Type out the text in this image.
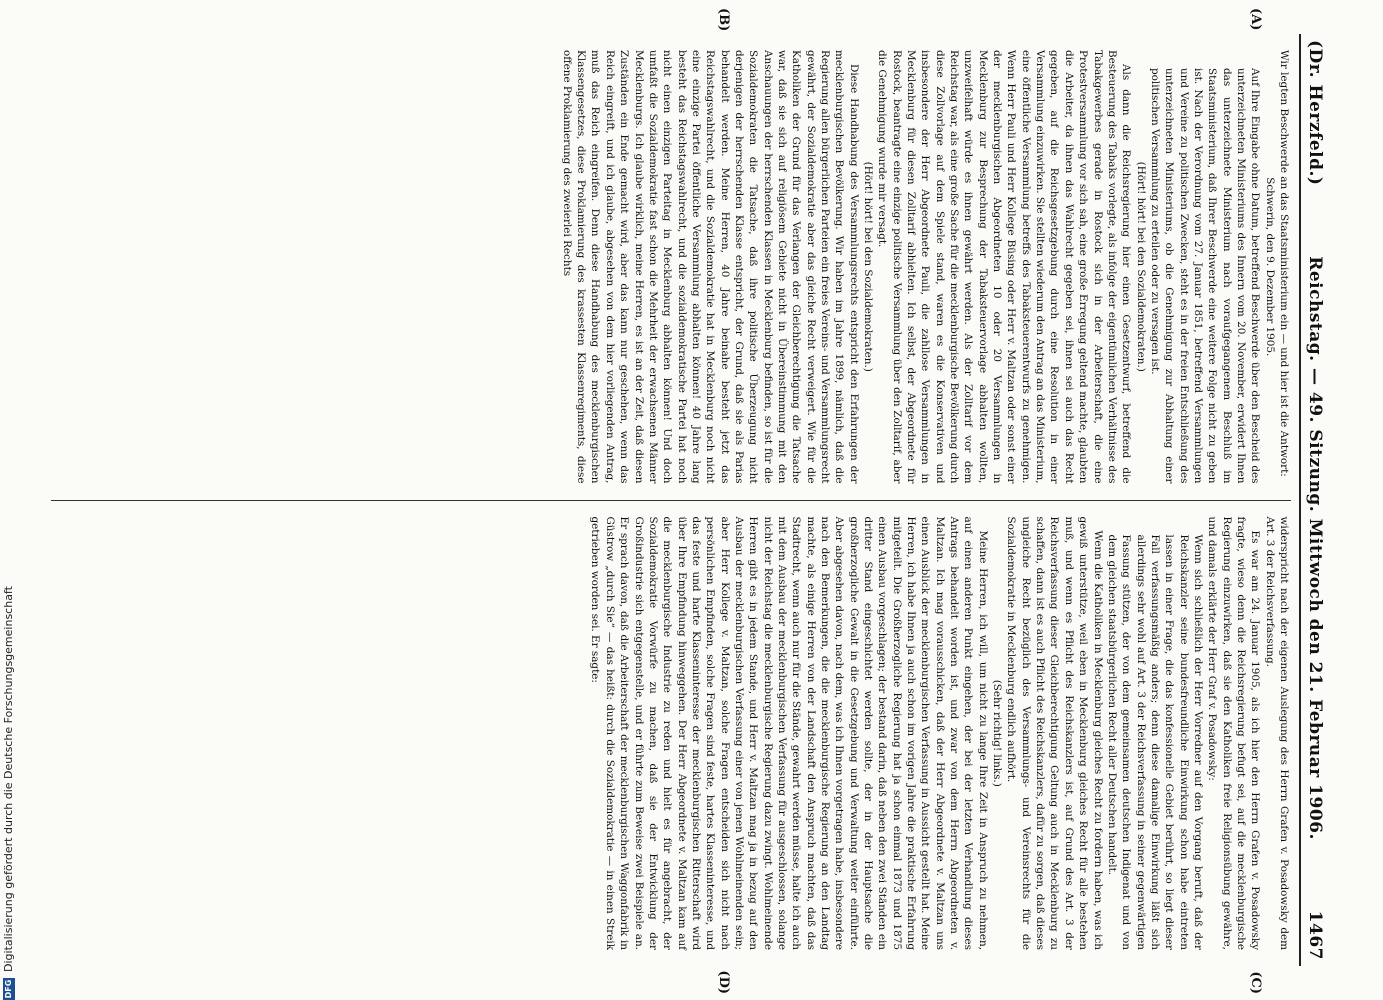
(Dr. Herzfeld.)
Reichstag. — 49. Sitzung. Mittwoch den 21. Februar 1906.
1467
(A)
(B)

Wir legten Beschwerde an das Staatsministerium ein — und hier ist die Antwort:

Schwerin, den 9. Dezember 1905.

Auf Ihre Eingabe ohne Datum, betreffend Beschwerde über den Bescheid des unterzeichneten Ministeriums des Innern vom 20. November, erwidert Ihnen das unterzeichnete Ministerium nach voraufgegangenem Beschluß im Staatsministerium, daß Ihrer Beschwerde eine weitere Folge nicht zu geben ist. Nach der Verordnung vom 27. Januar 1851, betreffend Versammlungen und Vereine zu politischen Zwecken, steht es in der freien Entschließung des unterzeichneten Ministeriums, ob die Genehmigung zur Abhaltung einer politischen Versammlung zu erteilen oder zu versagen ist.

(Hört! hört! bei den Sozialdemokraten.)

Als dann die Reichsregierung hier einen Gesetzentwurf, betreffend die Besteuerung des Tabaks vorlegte, als infolge der eigentümlichen Verhältnisse des Tabakgewerbes gerade in Rostock sich in der Arbeiterschaft, die eine Protestversammlung vor sich sah, eine große Erregung geltend machte, glaubten die Arbeiter, da ihnen das Wahlrecht gegeben sei, ihnen sei auch das Recht gegeben, auf die Reichsgesetzgebung durch eine Resolution in einer Versammlung einzuwirken. Sie stellten wiederum den Antrag an das Ministerium, eine öffentliche Versammlung betreffs des Tabaksteuerentwurfs zu genehmigen. Wenn Herr Pauli und Herr Kollege Büsing oder Herr v. Maltzan oder sonst einer der mecklenburgischen Abgeordneten 10 oder 20 Versammlungen in Mecklenburg zur Besprechung der Tabaksteuervorlage abhalten wollten, unzweifelhaft würde es ihnen gewährt werden. Als der Zolltarif vor dem Reichstag war, als eine große Sache für die mecklenburgische Bevölkerung durch diese Zollvorlage auf dem Spiele stand, waren es die Konservativen und insbesondere der Herr Abgeordnete Pauli, die zahllose Versammlungen in Mecklenburg für diesen Zolltarif abhielten. Ich selbst, der Abgeordnete für Rostock, beantragte eine einzige politische Versammlung über den Zolltarif, aber die Genehmigung wurde mir versagt.

(Hört! hört! bei den Sozialdemokraten.)

Diese Handhabung des Versammlungsrechts entspricht den Erfahrungen der mecklenburgischen Bevölkerung. Wir haben im Jahre 1899, nämlich, daß die Regierung allen bürgerlichen Parteien ein freies Vereins- und Versammlungsrecht gewährt, der Sozialdemokratie aber das gleiche Recht verweigert. Wie für die Katholiken der Grund für das Verlangen der Gleichberechtigung die Tatsache war, daß sie sich auf religiösem Gebiete nicht in Übereinstimmung mit den Anschauungen der herrschenden Klassen in Mecklenburg befinden, so ist für die Sozialdemokraten die Tatsache, daß ihre politische Überzeugung nicht derjenigen der herrschenden Klasse entspricht, der Grund, daß sie als Parias behandelt werden. Meine Herren, 40 Jahre beinahe besteht jetzt das Reichstagswahlrecht, und die Sozialdemokratie hat in Mecklenburg noch nicht eine einzige Partei öffentliche Versammlung abhalten können! 40 Jahre lang besteht das Reichstagswahlrecht, und die sozialdemokratische Partei hat noch nicht einen einzigen Parteitag in Mecklenburg abhalten können! Und doch umfaßt die Sozialdemokratie fast schon die Mehrheit der erwachsenen Männer Mecklenburgs. Ich glaube wirklich, meine Herren, es ist an der Zeit, daß diesen Zuständen ein Ende gemacht wird, aber das kann nur geschehen, wenn das Reich eingreift, und ich glaube, abgesehen von dem hier vorliegenden Antrag, muß das Reich eingreifen. Denn diese Handhabung des mecklenburgischen Klassengesetzes, diese Proklamierung des krassesten Klassenregiments, diese offene Proklamierung des zweierlei Rechts

widerspricht nach der eigenen Auslegung des Herrn Grafen v. Posadowsky dem Art. 3 der Reichsverfassung.

Es war am 24. Januar 1905, als ich hier den Herrn Grafen v. Posadowsky fragte, wieso denn die Reichsregierung befugt sei, auf die mecklenburgische Regierung einzuwirken, daß sie den Katholiken freie Religionsübung gewähre, und damals erklärte der Herr Graf v. Posadowsky:

Wenn sich schließlich der Herr Vorredner auf den Vorgang beruft, daß der Reichskanzler seine bundesfreundliche Einwirkung schon habe eintreten lassen in einer Frage, die das konfessionelle Gebiet berührt, so liegt dieser Fall verfassungsmäßig anders; denn diese damalige Einwirkung läßt sich allerdings sehr wohl auf Art. 3 der Reichsverfassung in seiner gegenwärtigen Fassung stützen, der von dem gemeinsamen deutschen Indigenat und von dem gleichen staatsbürgerlichen Recht aller Deutschen handelt.

Wenn die Katholiken in Mecklenburg gleiches Recht zu fordern haben, was ich gewiß unterstütze, weil eben in Mecklenburg gleiches Recht für alle bestehen muß, und wenn es Pflicht des Reichskanzlers ist, auf Grund des Art. 3 der Reichsverfassung dieser Gleichberechtigung Geltung auch in Mecklenburg zu schaffen, dann ist es auch Pflicht des Reichskanzlers, dafür zu sorgen, daß dieses ungleiche Recht bezüglich des Versammlungs- und Vereinsrechts für die Sozialdemokratie in Mecklenburg endlich aufhört.

(Sehr richtig! links.)

Meine Herren, ich will, um nicht zu lange Ihre Zeit in Anspruch zu nehmen, auf einen anderen Punkt eingehen, der bei der letzten Verhandlung dieses Antrags behandelt worden ist, und zwar von dem Herrn Abgeordneten v. Maltzan. Ich mag vorausschicken, daß der Herr Abgeordnete v. Maltzan uns einen Ausblick der mecklenburgischen Verfassung in Aussicht gestellt hat. Meine Herren, ich habe Ihnen ja auch schon im vorigen Jahre die praktische Erfahrung mitgeteilt. Die Großherzogliche Regierung hat ja schon einmal 1873 und 1875 einen Ausbau vorgeschlagen; der bestand darin, daß neben den zwei Ständen ein dritter Stand eingeschichtet werden sollte, der in der Hauptsache die großherzogliche Gewalt in die Gesetzgebung und Verwaltung weiter einführte. Aber abgesehen davon, nach dem, was ich Ihnen vorgetragen habe, insbesondere nach den Bemerkungen, die die mecklenburgische Regierung an den Landtag machte, als einige Herren von der Landschaft den Anspruch machten, daß das Stadtrecht, wenn auch nur für die Stände, gewahrt werden müsse, halte ich auch mit dem Ausbau der mecklenburgischen Verfassung für ausgeschlossen, solange nicht der Reichstag die mecklenburgische Regierung dazu zwingt. Wohlmeinende Herren gibt es in jedem Stande, und Herr v. Maltzan mag ja in bezug auf den Ausbau der mecklenburgischen Verfassung einer von jenen Wohlmeinenden sein; aber Herr Kollege v. Maltzan, solche Fragen entscheiden sich nicht nach persönlichen Empfinden, solche Fragen sind feste, hartes Klasseninteresse, und das feste und harte Klasseninteresse der mecklenburgischen Ritterschaft wird über Ihre Empfindung hinweggehen. Der Herr Abgeordnete v. Maltzan kam auf die mecklenburgische Industrie zu reden und hielt es für angebracht, der Sozialdemokratie Vorwürfe zu machen, daß sie der Entwicklung der Großindustrie sich entgegenstelle, und er führte zum Beweise zwei Beispiele an. Er sprach davon, daß die Arbeiterschaft der mecklenburgischen Waggonfabrik in Güstrow „durch Sie“ — das heißt: durch die Sozialdemokratie — in einen Streik getrieben worden sei. Er sagte:

(C)
(D)
DFG
Digitalisierung gefördert durch die Deutsche Forschungsgemeinschaft
